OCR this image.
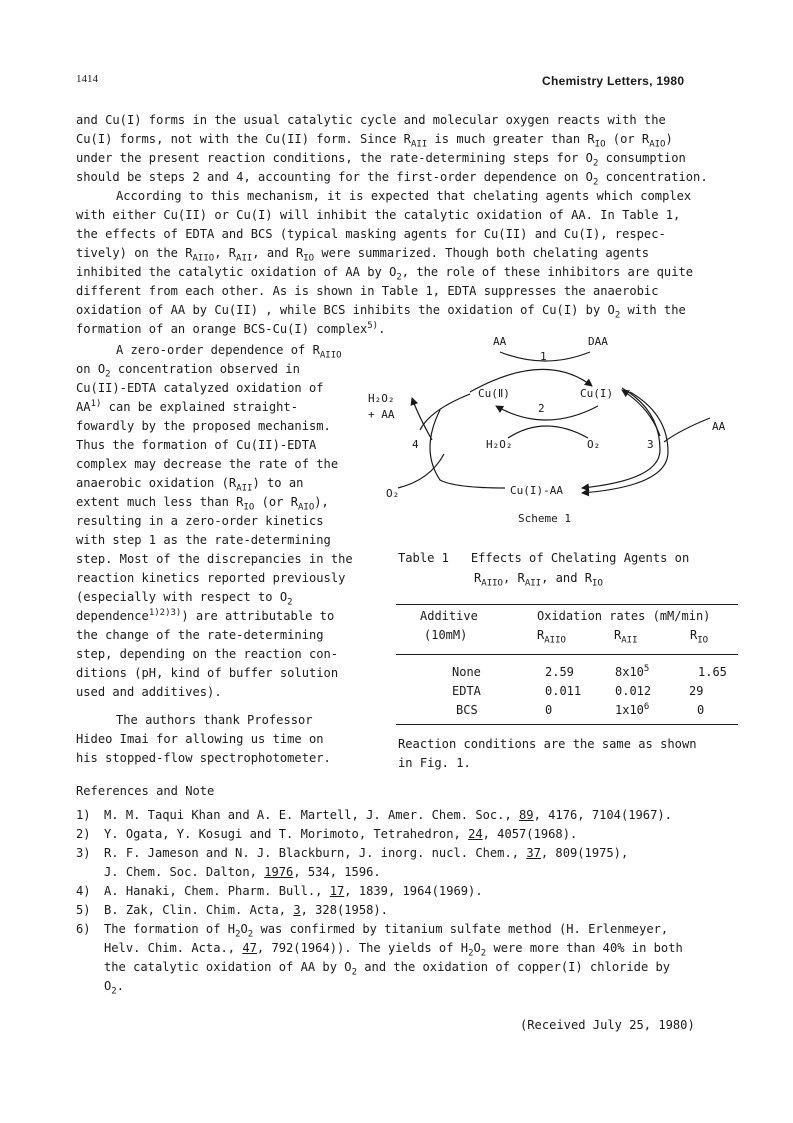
1414	Chemistry Letters, 1980
and Cu(I) forms in the usual catalytic cycle and molecular oxygen reacts with the
Cu(I) forms, not with the Cu(II) form. Since $R_{AII}$ is much greater than $R_{IO}$ (or $R_{AIO}$)
under the present reaction conditions, the rate-determining steps for $O_2$ consumption
should be steps 2 and 4, accounting for the first-order dependence on $O_2$ concentration.
According to this mechanism, it is expected that chelating agents which complex
with either Cu(II) or Cu(I) will inhibit the catalytic oxidation of AA. In Table 1,
the effects of EDTA and BCS (typical masking agents for Cu(II) and Cu(I), respec-
tively) on the $R_{AIIO}$, $R_{AII}$, and $R_{IO}$ were summarized. Though both chelating agents
inhibited the catalytic oxidation of AA by $O_2$, the role of these inhibitors are quite
different from each other. As is shown in Table 1, EDTA suppresses the anaerobic
oxidation of AA by Cu(II) , while BCS inhibits the oxidation of Cu(I) by $O_2$ with the
formation of an orange BCS-Cu(I) complex$^{5)}$.
A zero-order dependence of $R_{AIIO}$
on $O_2$ concentration observed in
Cu(II)-EDTA catalyzed oxidation of
AA$^{1)}$ can be explained straight-
fowardly by the proposed mechanism.
Thus the formation of Cu(II)-EDTA
complex may decrease the rate of the
anaerobic oxidation $(R_{AII})$ to an
extent much less than $R_{IO}$ (or $R_{AIO}$),
resulting in a zero-order kinetics
with step 1 as the rate-determining
step. Most of the discrepancies in the
reaction kinetics reported previously
(especially with respect to $O_2$
dependence$^{1)2)3)}$) are attributable to
the change of the rate-determining
step, depending on the reaction con-
ditions (pH, kind of buffer solution
used and additives).
The authors thank Professor
Hideo Imai for allowing us time on
his stopped-flow spectrophotometer.
AA	DAA
1
Cu(Ⅱ)	Cu(I)
2
H₂O₂
+ AA
H₂O₂	O₂
4	3
AA
O₂	Cu(I)-AA
Scheme 1
Table 1 Effects of Chelating Agents on
$R_{AIIO}$, $R_{AII}$, and $R_{IO}$
Additive	Oxidation rates (mM/min)
(10mM)	$R_{AIIO}$	$R_{AII}$	$R_{IO}$
None	2.59	$8x10^5$	1.65
EDTA	0.011	0.012	29
BCS	0	$1x10^6$	0
Reaction conditions are the same as shown
in Fig. 1.
References and Note
1) M. M. Taqui Khan and A. E. Martell, J. Amer. Chem. Soc., 89, 4176, 7104(1967).
2) Y. Ogata, Y. Kosugi and T. Morimoto, Tetrahedron, 24, 4057(1968).
3) R. F. Jameson and N. J. Blackburn, J. inorg. nucl. Chem., 37, 809(1975),
J. Chem. Soc. Dalton, 1976, 534, 1596.
4) A. Hanaki, Chem. Pharm. Bull., 17, 1839, 1964(1969).
5) B. Zak, Clin. Chim. Acta, 3, 328(1958).
6) The formation of $H_2O_2$ was confirmed by titanium sulfate method (H. Erlenmeyer,
Helv. Chim. Acta., 47, 792(1964)). The yields of $H_2O_2$ were more than 40% in both
the catalytic oxidation of AA by $O_2$ and the oxidation of copper(I) chloride by
$O_2$.
(Received July 25, 1980)
